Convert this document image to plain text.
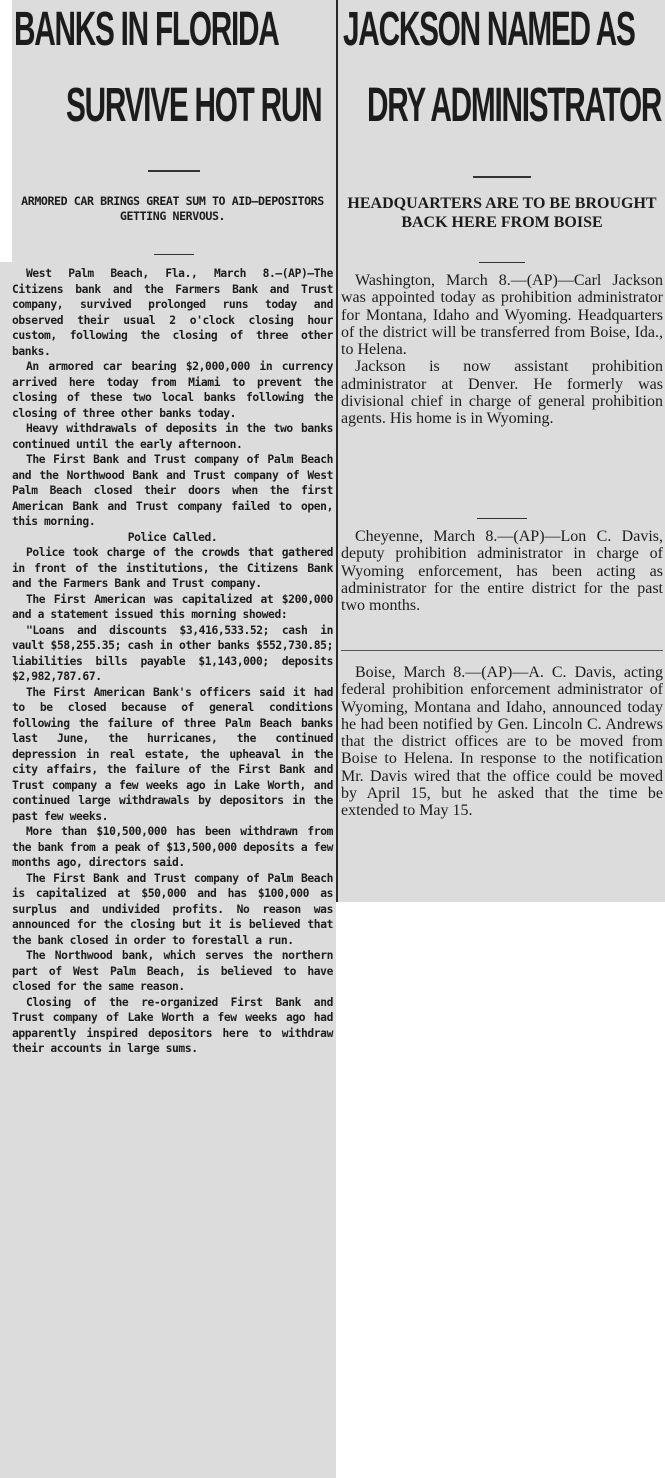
BANKS IN FLORIDA
SURVIVE HOT RUN
ARMORED CAR BRINGS GREAT SUM TO AID—DEPOSITORS GETTING NERVOUS.

West Palm Beach, Fla., March 8.—(AP)—The Citizens bank and the Farmers Bank and Trust company, survived prolonged runs today and observed their usual 2 o'clock closing hour custom, following the closing of three other banks.

An armored car bearing $2,000,000 in currency arrived here today from Miami to prevent the closing of these two local banks following the closing of three other banks today.

Heavy withdrawals of deposits in the two banks continued until the early afternoon.

The First Bank and Trust company of Palm Beach and the Northwood Bank and Trust company of West Palm Beach closed their doors when the first American Bank and Trust company failed to open, this morning.

Police Called.

Police took charge of the crowds that gathered in front of the institutions, the Citizens Bank and the Farmers Bank and Trust company.

The First American was capitalized at $200,000 and a statement issued this morning showed:

"Loans and discounts $3,416,533.52; cash in vault $58,255.35; cash in other banks $552,730.85; liabilities bills payable $1,143,000; deposits $2,982,787.67.

The First American Bank's officers said it had to be closed because of general conditions following the failure of three Palm Beach banks last June, the hurricanes, the continued depression in real estate, the upheaval in the city affairs, the failure of the First Bank and Trust company a few weeks ago in Lake Worth, and continued large withdrawals by depositors in the past few weeks.

More than $10,500,000 has been withdrawn from the bank from a peak of $13,500,000 deposits a few months ago, directors said.

The First Bank and Trust company of Palm Beach is capitalized at $50,000 and has $100,000 as surplus and undivided profits. No reason was announced for the closing but it is believed that the bank closed in order to forestall a run.

The Northwood bank, which serves the northern part of West Palm Beach, is believed to have closed for the same reason.

Closing of the re-organized First Bank and Trust company of Lake Worth a few weeks ago had apparently inspired depositors here to withdraw their accounts in large sums.

JACKSON NAMED AS
DRY ADMINISTRATOR
HEADQUARTERS ARE TO BE BROUGHT BACK HERE FROM BOISE

Washington, March 8.—(AP)—Carl Jackson was appointed today as prohibition administrator for Montana, Idaho and Wyoming. Headquarters of the district will be transferred from Boise, Ida., to Helena.

Jackson is now assistant prohibition administrator at Denver. He formerly was divisional chief in charge of general prohibition agents. His home is in Wyoming.

Cheyenne, March 8.—(AP)—Lon C. Davis, deputy prohibition administrator in charge of Wyoming enforcement, has been acting as administrator for the entire district for the past two months.

Boise, March 8.—(AP)—A. C. Davis, acting federal prohibition enforcement administrator of Wyoming, Montana and Idaho, announced today he had been notified by Gen. Lincoln C. Andrews that the district offices are to be moved from Boise to Helena. In response to the notification Mr. Davis wired that the office could be moved by April 15, but he asked that the time be extended to May 15.
